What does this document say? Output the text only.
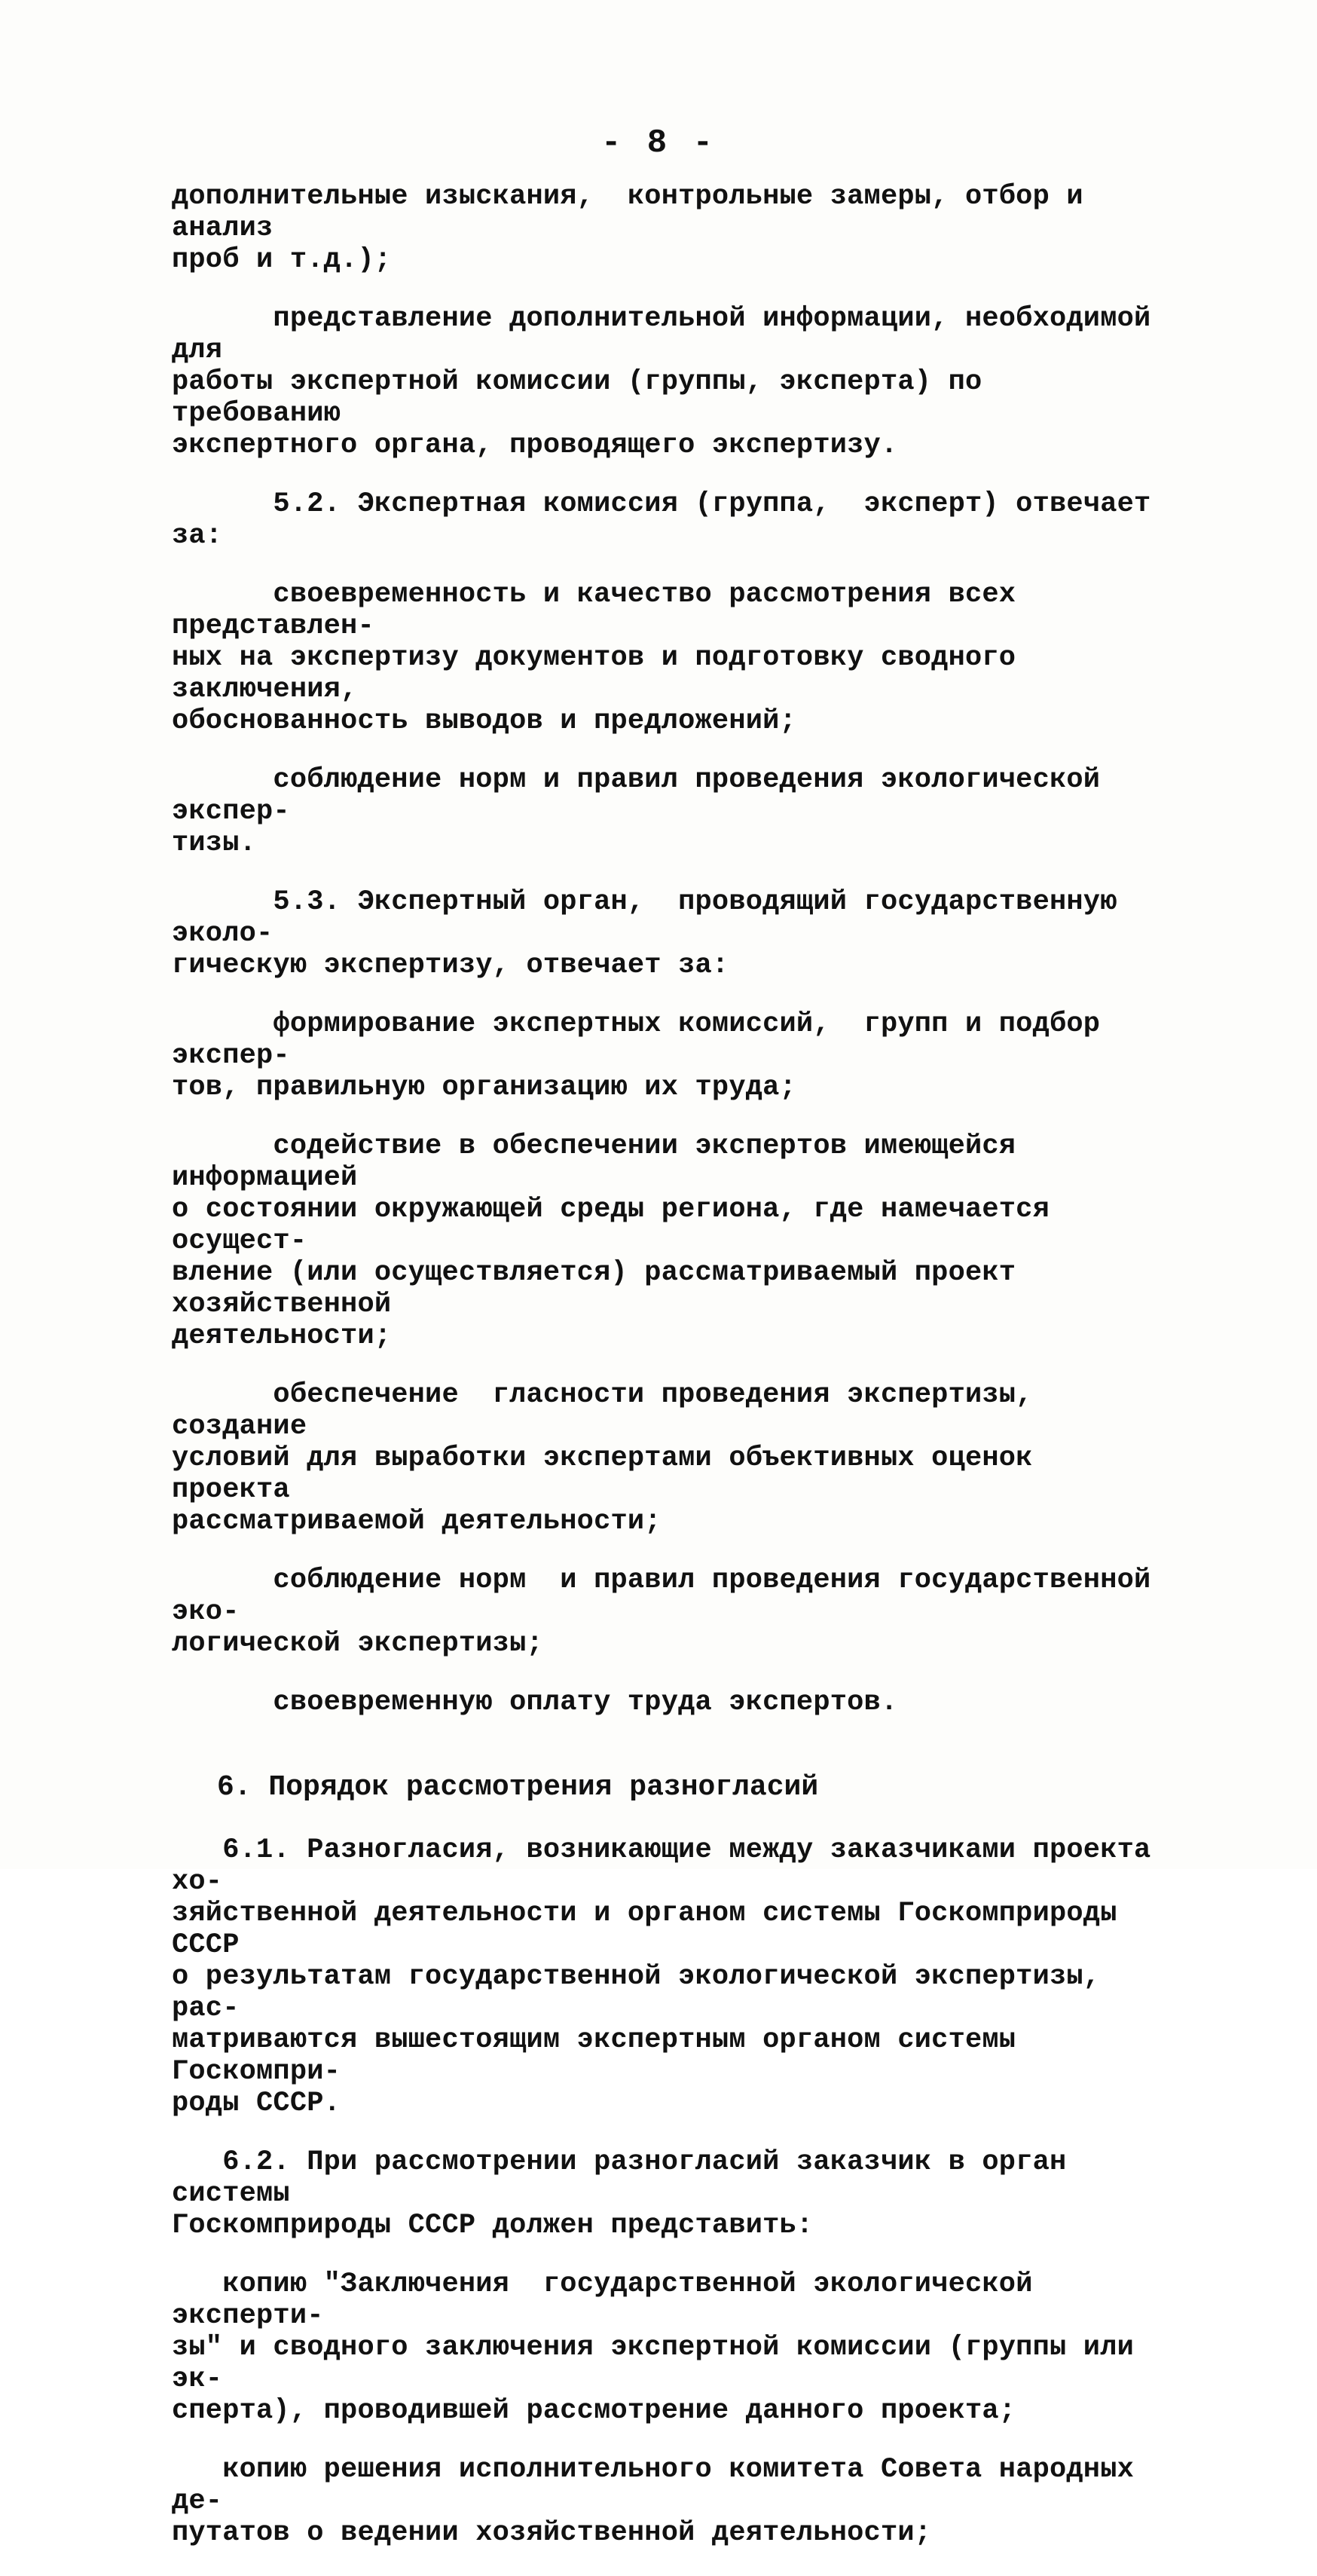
- 8 -
дополнительные изыскания,  контрольные замеры, отбор и анализ
проб и т.д.);
представление дополнительной информации, необходимой для
работы экспертной комиссии (группы, эксперта) по требованию
экспертного органа, проводящего экспертизу.
5.2. Экспертная комиссия (группа,  эксперт) отвечает за:
своевременность и качество рассмотрения всех представлен-
ных на экспертизу документов и подготовку сводного заключения,
обоснованность выводов и предложений;
соблюдение норм и правил проведения экологической экспер-
тизы.
5.3. Экспертный орган,  проводящий государственную эколо-
гическую экспертизу, отвечает за:
формирование экспертных комиссий,  групп и подбор экспер-
тов, правильную организацию их труда;
содействие в обеспечении экспертов имеющейся информацией
о состоянии окружающей среды региона, где намечается осущест-
вление (или осуществляется) рассматриваемый проект хозяйственной
деятельности;
обеспечение  гласности проведения экспертизы, создание
условий для выработки экспертами объективных оценок проекта
рассматриваемой деятельности;
соблюдение норм  и правил проведения государственной эко-
логической экспертизы;
своевременную оплату труда экспертов.
6. Порядок рассмотрения разногласий
6.1. Разногласия, возникающие между заказчиками проекта хо-
зяйственной деятельности и органом системы Госкомприроды СССР
о результатам государственной экологической экспертизы, рас-
матриваются вышестоящим экспертным органом системы Госкомпри-
роды СССР.
6.2. При рассмотрении разногласий заказчик в орган системы
Госкомприроды СССР должен представить:
копию "Заключения  государственной экологической эксперти-
зы" и сводного заключения экспертной комиссии (группы или эк-
сперта), проводившей рассмотрение данного проекта;
копию решения исполнительного комитета Совета народных де-
путатов о ведении хозяйственной деятельности;
